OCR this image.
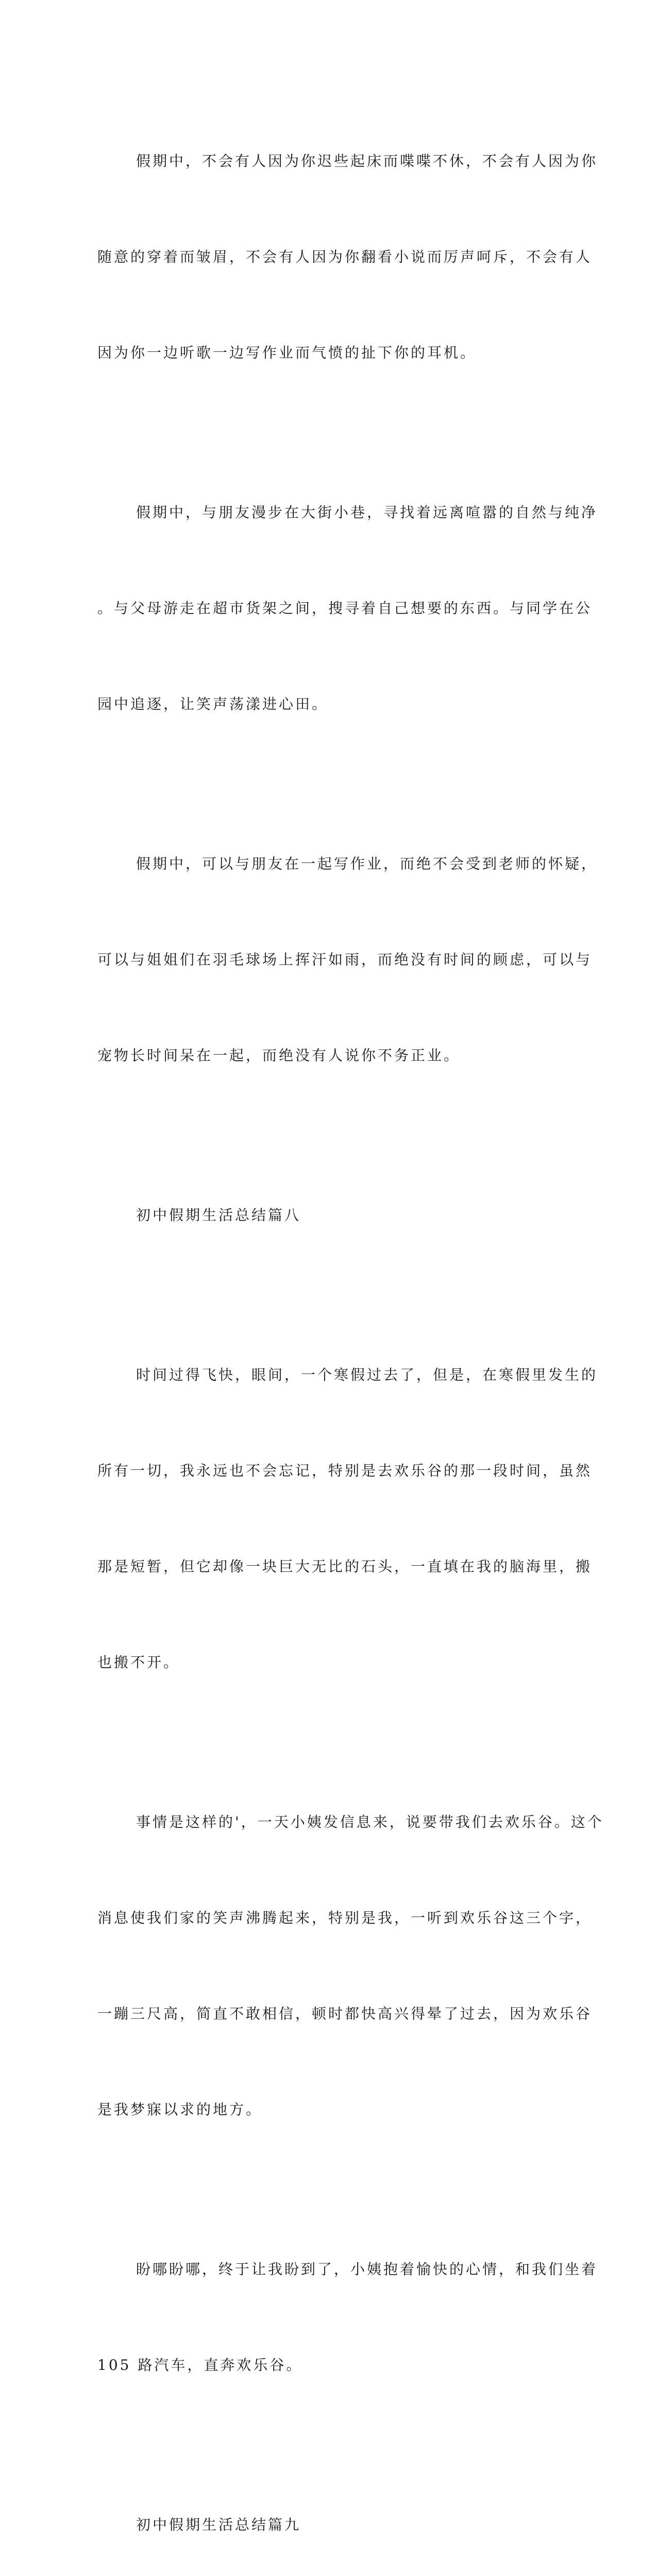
假期中，不会有人因为你迟些起床而喋喋不休，不会有人因为你

随意的穿着而皱眉，不会有人因为你翻看小说而厉声呵斥，不会有人

因为你一边听歌一边写作业而气愤的扯下你的耳机。

假期中，与朋友漫步在大街小巷，寻找着远离喧嚣的自然与纯净

。与父母游走在超市货架之间，搜寻着自己想要的东西。与同学在公

园中追逐，让笑声荡漾进心田。

假期中，可以与朋友在一起写作业，而绝不会受到老师的怀疑，

可以与姐姐们在羽毛球场上挥汗如雨，而绝没有时间的顾虑，可以与

宠物长时间呆在一起，而绝没有人说你不务正业。

初中假期生活总结篇八

时间过得飞快，眼间，一个寒假过去了，但是，在寒假里发生的

所有一切，我永远也不会忘记，特别是去欢乐谷的那一段时间，虽然

那是短暂，但它却像一块巨大无比的石头，一直填在我的脑海里，搬

也搬不开。

事情是这样的'，一天小姨发信息来，说要带我们去欢乐谷。这个

消息使我们家的笑声沸腾起来，特别是我，一听到欢乐谷这三个字，

一蹦三尺高，简直不敢相信，顿时都快高兴得晕了过去，因为欢乐谷

是我梦寐以求的地方。

盼哪盼哪，终于让我盼到了，小姨抱着愉快的心情，和我们坐着

105 路汽车，直奔欢乐谷。

初中假期生活总结篇九
